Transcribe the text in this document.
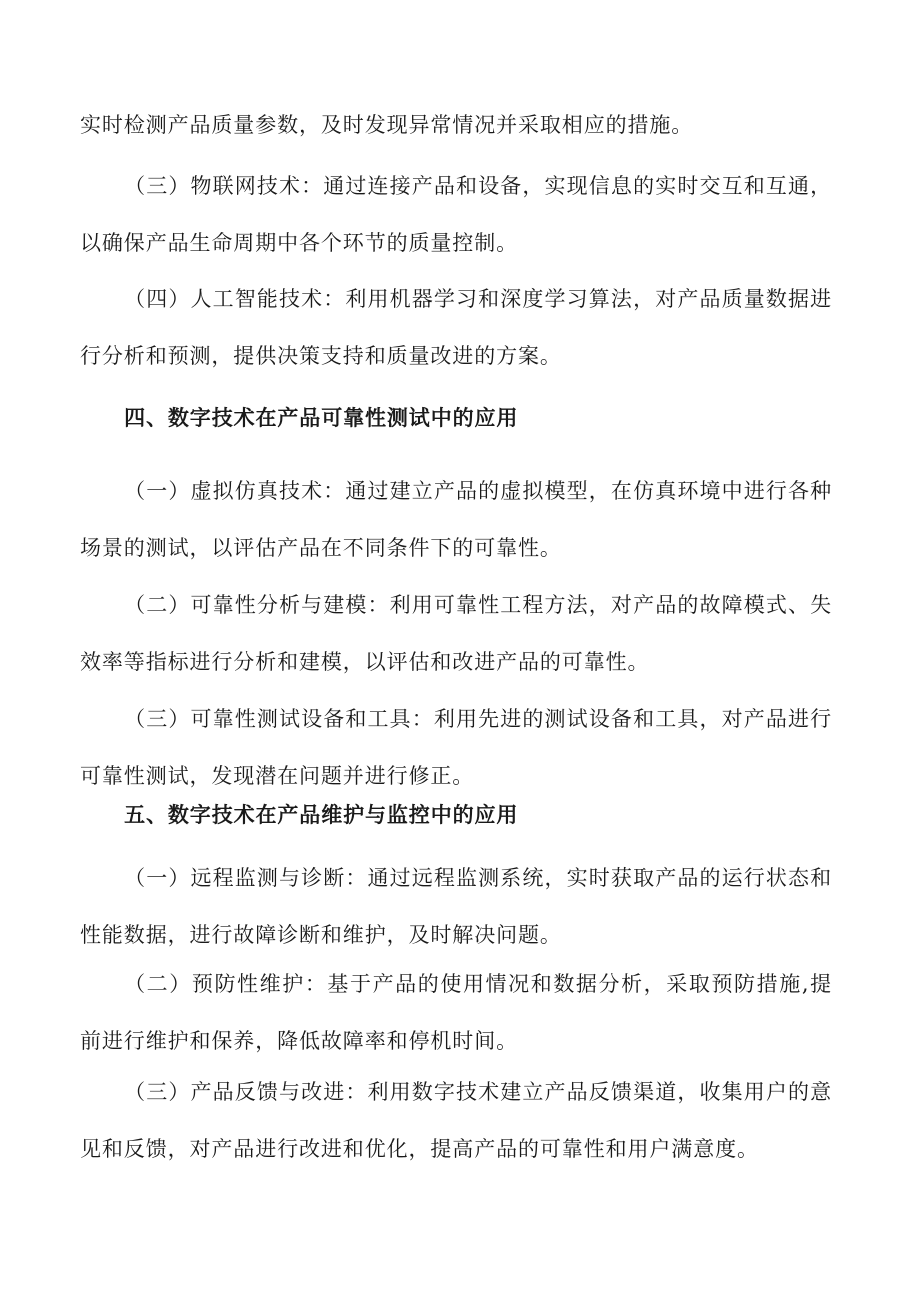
实时检测产品质量参数，及时发现异常情况并采取相应的措施。

（三）物联网技术：通过连接产品和设备，实现信息的实时交互和互通，以确保产品生命周期中各个环节的质量控制。

（四）人工智能技术：利用机器学习和深度学习算法，对产品质量数据进行分析和预测，提供决策支持和质量改进的方案。

四、数字技术在产品可靠性测试中的应用

（一）虚拟仿真技术：通过建立产品的虚拟模型，在仿真环境中进行各种场景的测试，以评估产品在不同条件下的可靠性。

（二）可靠性分析与建模：利用可靠性工程方法，对产品的故障模式、失效率等指标进行分析和建模，以评估和改进产品的可靠性。

（三）可靠性测试设备和工具：利用先进的测试设备和工具，对产品进行可靠性测试，发现潜在问题并进行修正。

五、数字技术在产品维护与监控中的应用

（一）远程监测与诊断：通过远程监测系统，实时获取产品的运行状态和性能数据，进行故障诊断和维护，及时解决问题。

（二）预防性维护：基于产品的使用情况和数据分析，采取预防措施,提前进行维护和保养，降低故障率和停机时间。

（三）产品反馈与改进：利用数字技术建立产品反馈渠道，收集用户的意见和反馈，对产品进行改进和优化，提高产品的可靠性和用户满意度。
